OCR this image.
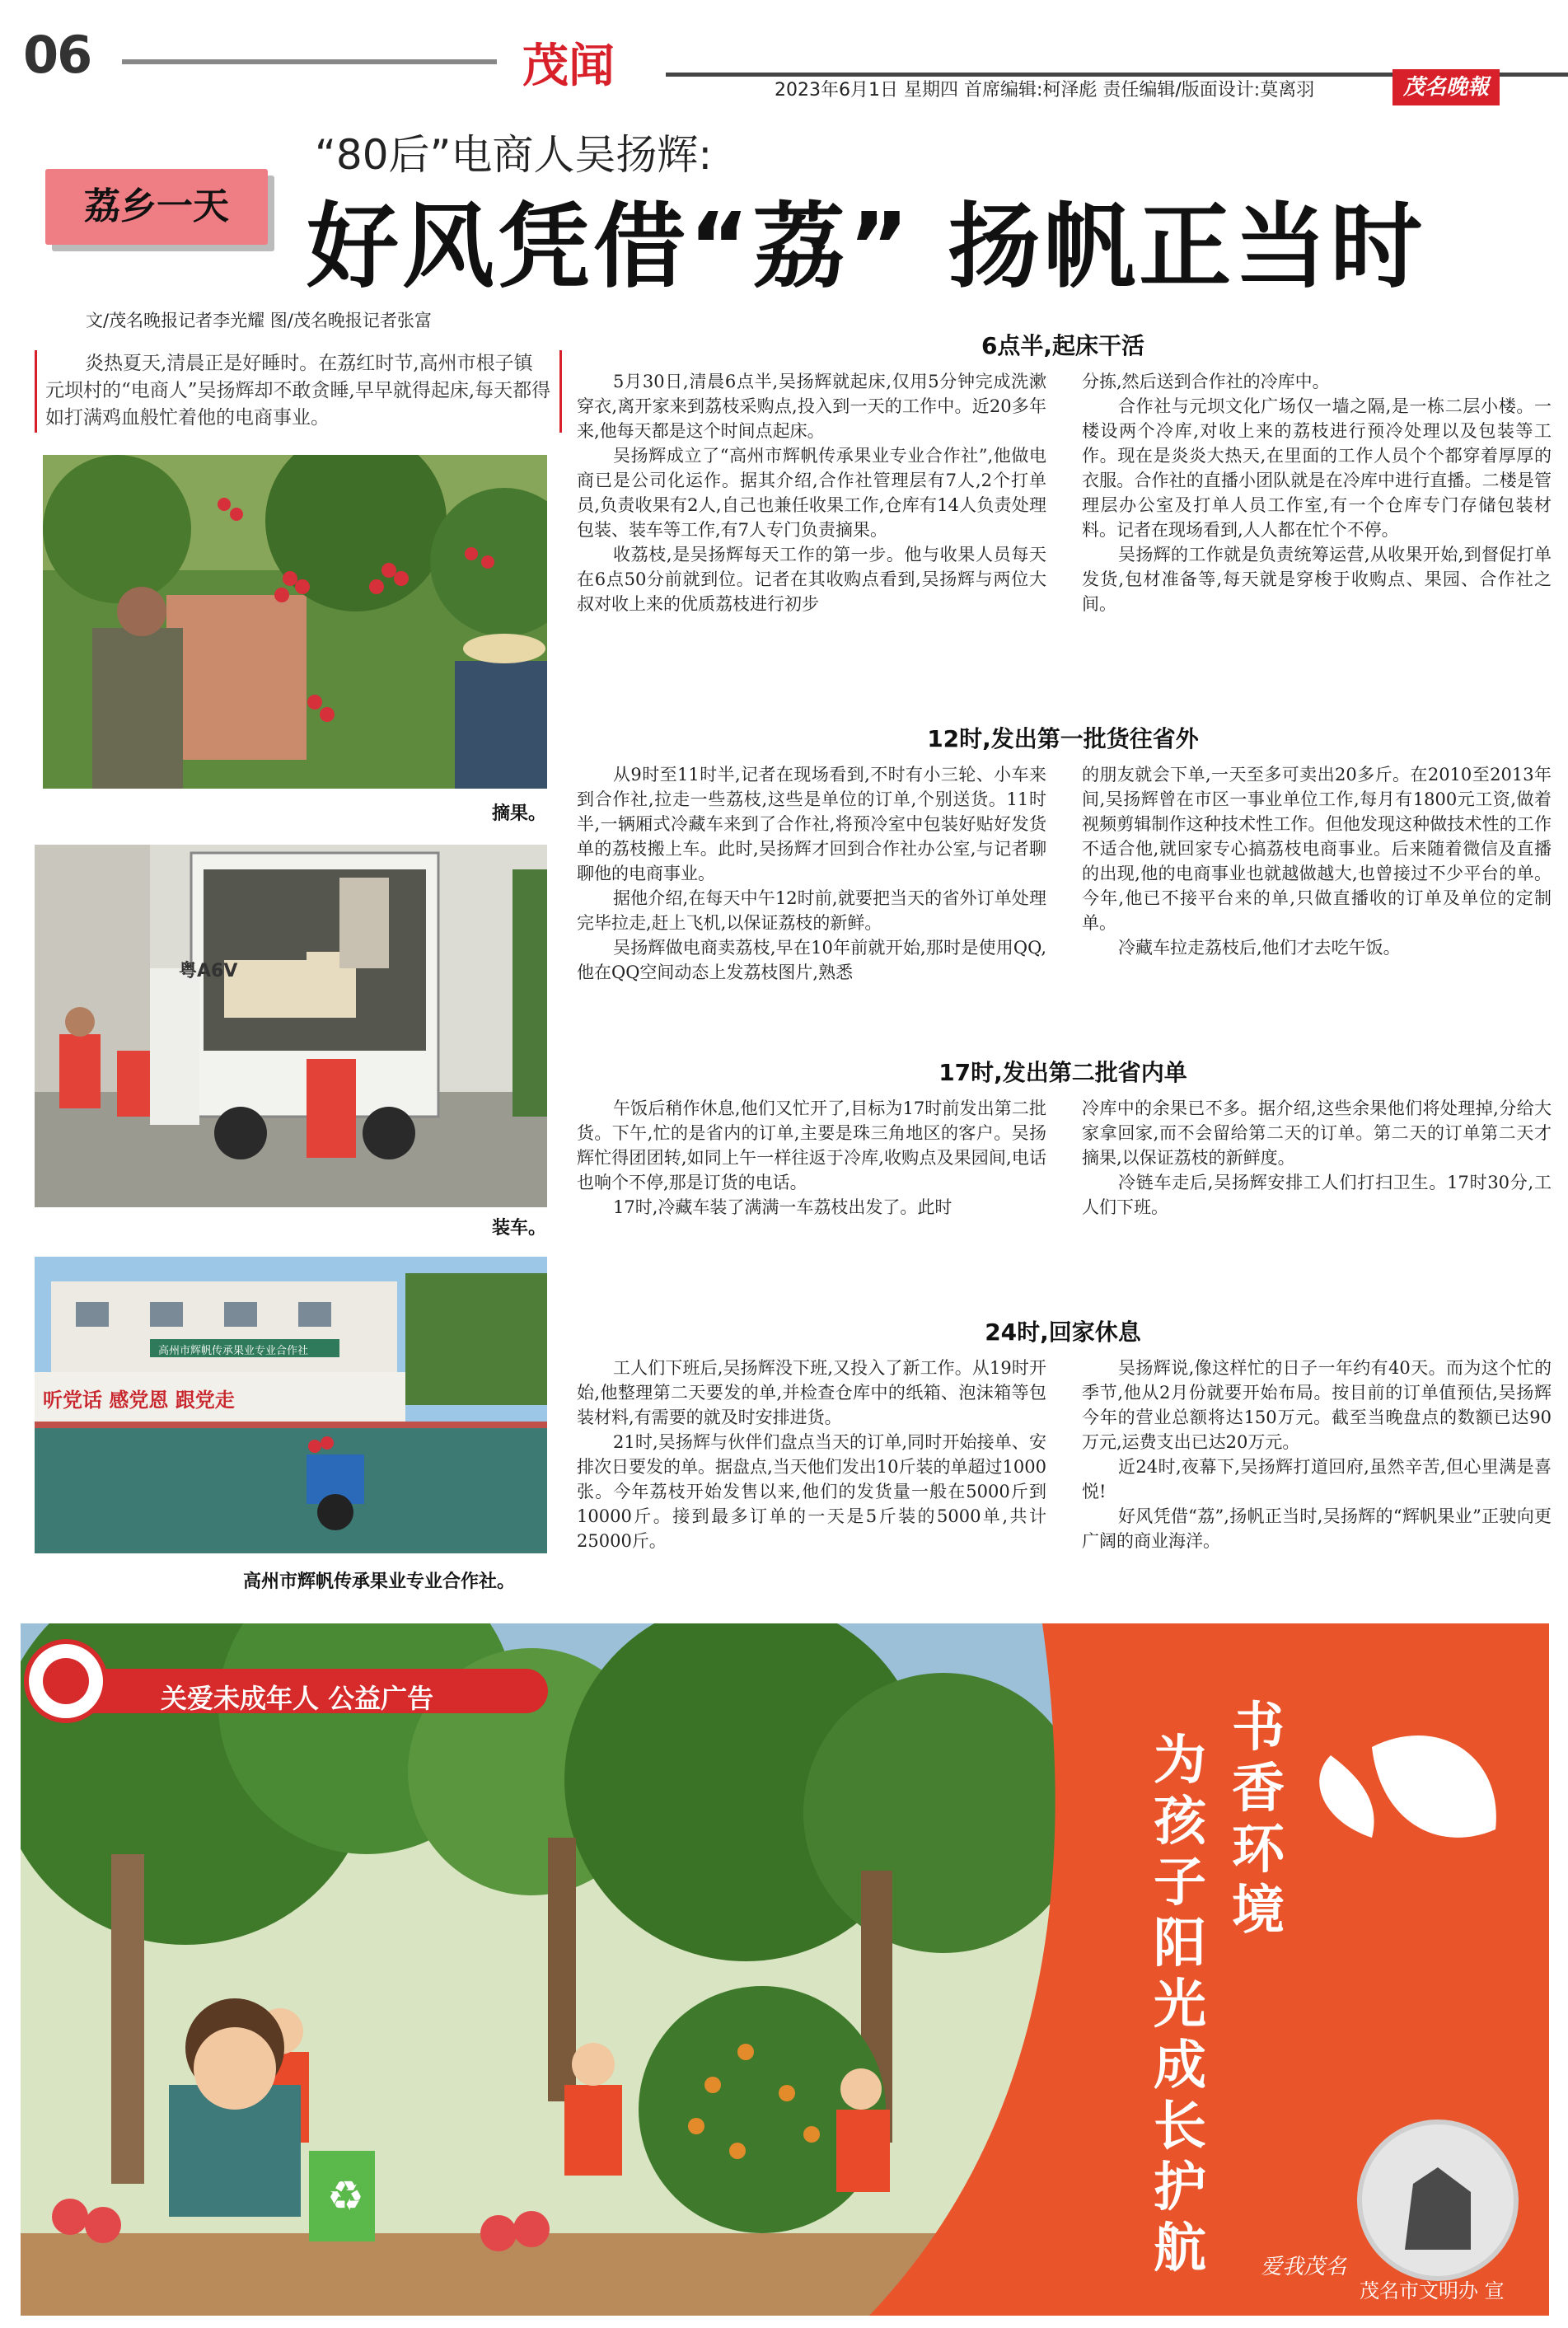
06	茂闻	2023年6月1日 星期四 首席编辑:柯泽彪 责任编辑/版面设计:莫离羽	茂名晚報
荔乡一天
“80后”电商人吴扬辉:
好风凭借“荔” 扬帆正当时
文/茂名晚报记者李光耀 图/茂名晚报记者张富
炎热夏天,清晨正是好睡时。在荔红时节,高州市根子镇元坝村的“电商人”吴扬辉却不敢贪睡,早早就得起床,每天都得如打满鸡血般忙着他的电商事业。
摘果。
粤A6V
装车。
高州市辉帆传承果业专业合作社
听党话 感党恩 跟党走
高州市辉帆传承果业专业合作社。
6点半,起床干活

5月30日,清晨6点半,吴扬辉就起床,仅用5分钟完成洗漱穿衣,离开家来到荔枝采购点,投入到一天的工作中。近20多年来,他每天都是这个时间点起床。

吴扬辉成立了“高州市辉帆传承果业专业合作社”,他做电商已是公司化运作。据其介绍,合作社管理层有7人,2个打单员,负责收果有2人,自己也兼任收果工作,仓库有14人负责处理包装、装车等工作,有7人专门负责摘果。

收荔枝,是吴扬辉每天工作的第一步。他与收果人员每天在6点50分前就到位。记者在其收购点看到,吴扬辉与两位大叔对收上来的优质荔枝进行初步

分拣,然后送到合作社的冷库中。

合作社与元坝文化广场仅一墙之隔,是一栋二层小楼。一楼设两个冷库,对收上来的荔枝进行预冷处理以及包装等工作。现在是炎炎大热天,在里面的工作人员个个都穿着厚厚的衣服。合作社的直播小团队就是在冷库中进行直播。二楼是管理层办公室及打单人员工作室,有一个仓库专门存储包装材料。记者在现场看到,人人都在忙个不停。

吴扬辉的工作就是负责统筹运营,从收果开始,到督促打单发货,包材准备等,每天就是穿梭于收购点、果园、合作社之间。

12时,发出第一批货往省外

从9时至11时半,记者在现场看到,不时有小三轮、小车来到合作社,拉走一些荔枝,这些是单位的订单,个别送货。11时半,一辆厢式冷藏车来到了合作社,将预冷室中包装好贴好发货单的荔枝搬上车。此时,吴扬辉才回到合作社办公室,与记者聊聊他的电商事业。

据他介绍,在每天中午12时前,就要把当天的省外订单处理完毕拉走,赶上飞机,以保证荔枝的新鲜。

吴扬辉做电商卖荔枝,早在10年前就开始,那时是使用QQ,他在QQ空间动态上发荔枝图片,熟悉

的朋友就会下单,一天至多可卖出20多斤。在2010至2013年间,吴扬辉曾在市区一事业单位工作,每月有1800元工资,做着视频剪辑制作这种技术性工作。但他发现这种做技术性的工作不适合他,就回家专心搞荔枝电商事业。后来随着微信及直播的出现,他的电商事业也就越做越大,也曾接过不少平台的单。今年,他已不接平台来的单,只做直播收的订单及单位的定制单。

冷藏车拉走荔枝后,他们才去吃午饭。

17时,发出第二批省内单

午饭后稍作休息,他们又忙开了,目标为17时前发出第二批货。下午,忙的是省内的订单,主要是珠三角地区的客户。吴扬辉忙得团团转,如同上午一样往返于冷库,收购点及果园间,电话也响个不停,那是订货的电话。

17时,冷藏车装了满满一车荔枝出发了。此时

冷库中的余果已不多。据介绍,这些余果他们将处理掉,分给大家拿回家,而不会留给第二天的订单。第二天的订单第二天才摘果,以保证荔枝的新鲜度。

冷链车走后,吴扬辉安排工人们打扫卫生。17时30分,工人们下班。

24时,回家休息

工人们下班后,吴扬辉没下班,又投入了新工作。从19时开始,他整理第二天要发的单,并检查仓库中的纸箱、泡沫箱等包装材料,有需要的就及时安排进货。

21时,吴扬辉与伙伴们盘点当天的订单,同时开始接单、安排次日要发的单。据盘点,当天他们发出10斤装的单超过1000张。今年荔枝开始发售以来,他们的发货量一般在5000斤到10000斤。接到最多订单的一天是5斤装的5000单,共计25000斤。

吴扬辉说,像这样忙的日子一年约有40天。而为这个忙的季节,他从2月份就要开始布局。按目前的订单值预估,吴扬辉今年的营业总额将达150万元。截至当晚盘点的数额已达90万元,运费支出已达20万元。

近24时,夜幕下,吴扬辉打道回府,虽然辛苦,但心里满是喜悦!

好风凭借“荔”,扬帆正当时,吴扬辉的“辉帆果业”正驶向更广阔的商业海洋。

♻
关爱未成年人 公益广告	书香环境
为孩子阳光成长护航	爱我茂名
茂名市文明办 宣
